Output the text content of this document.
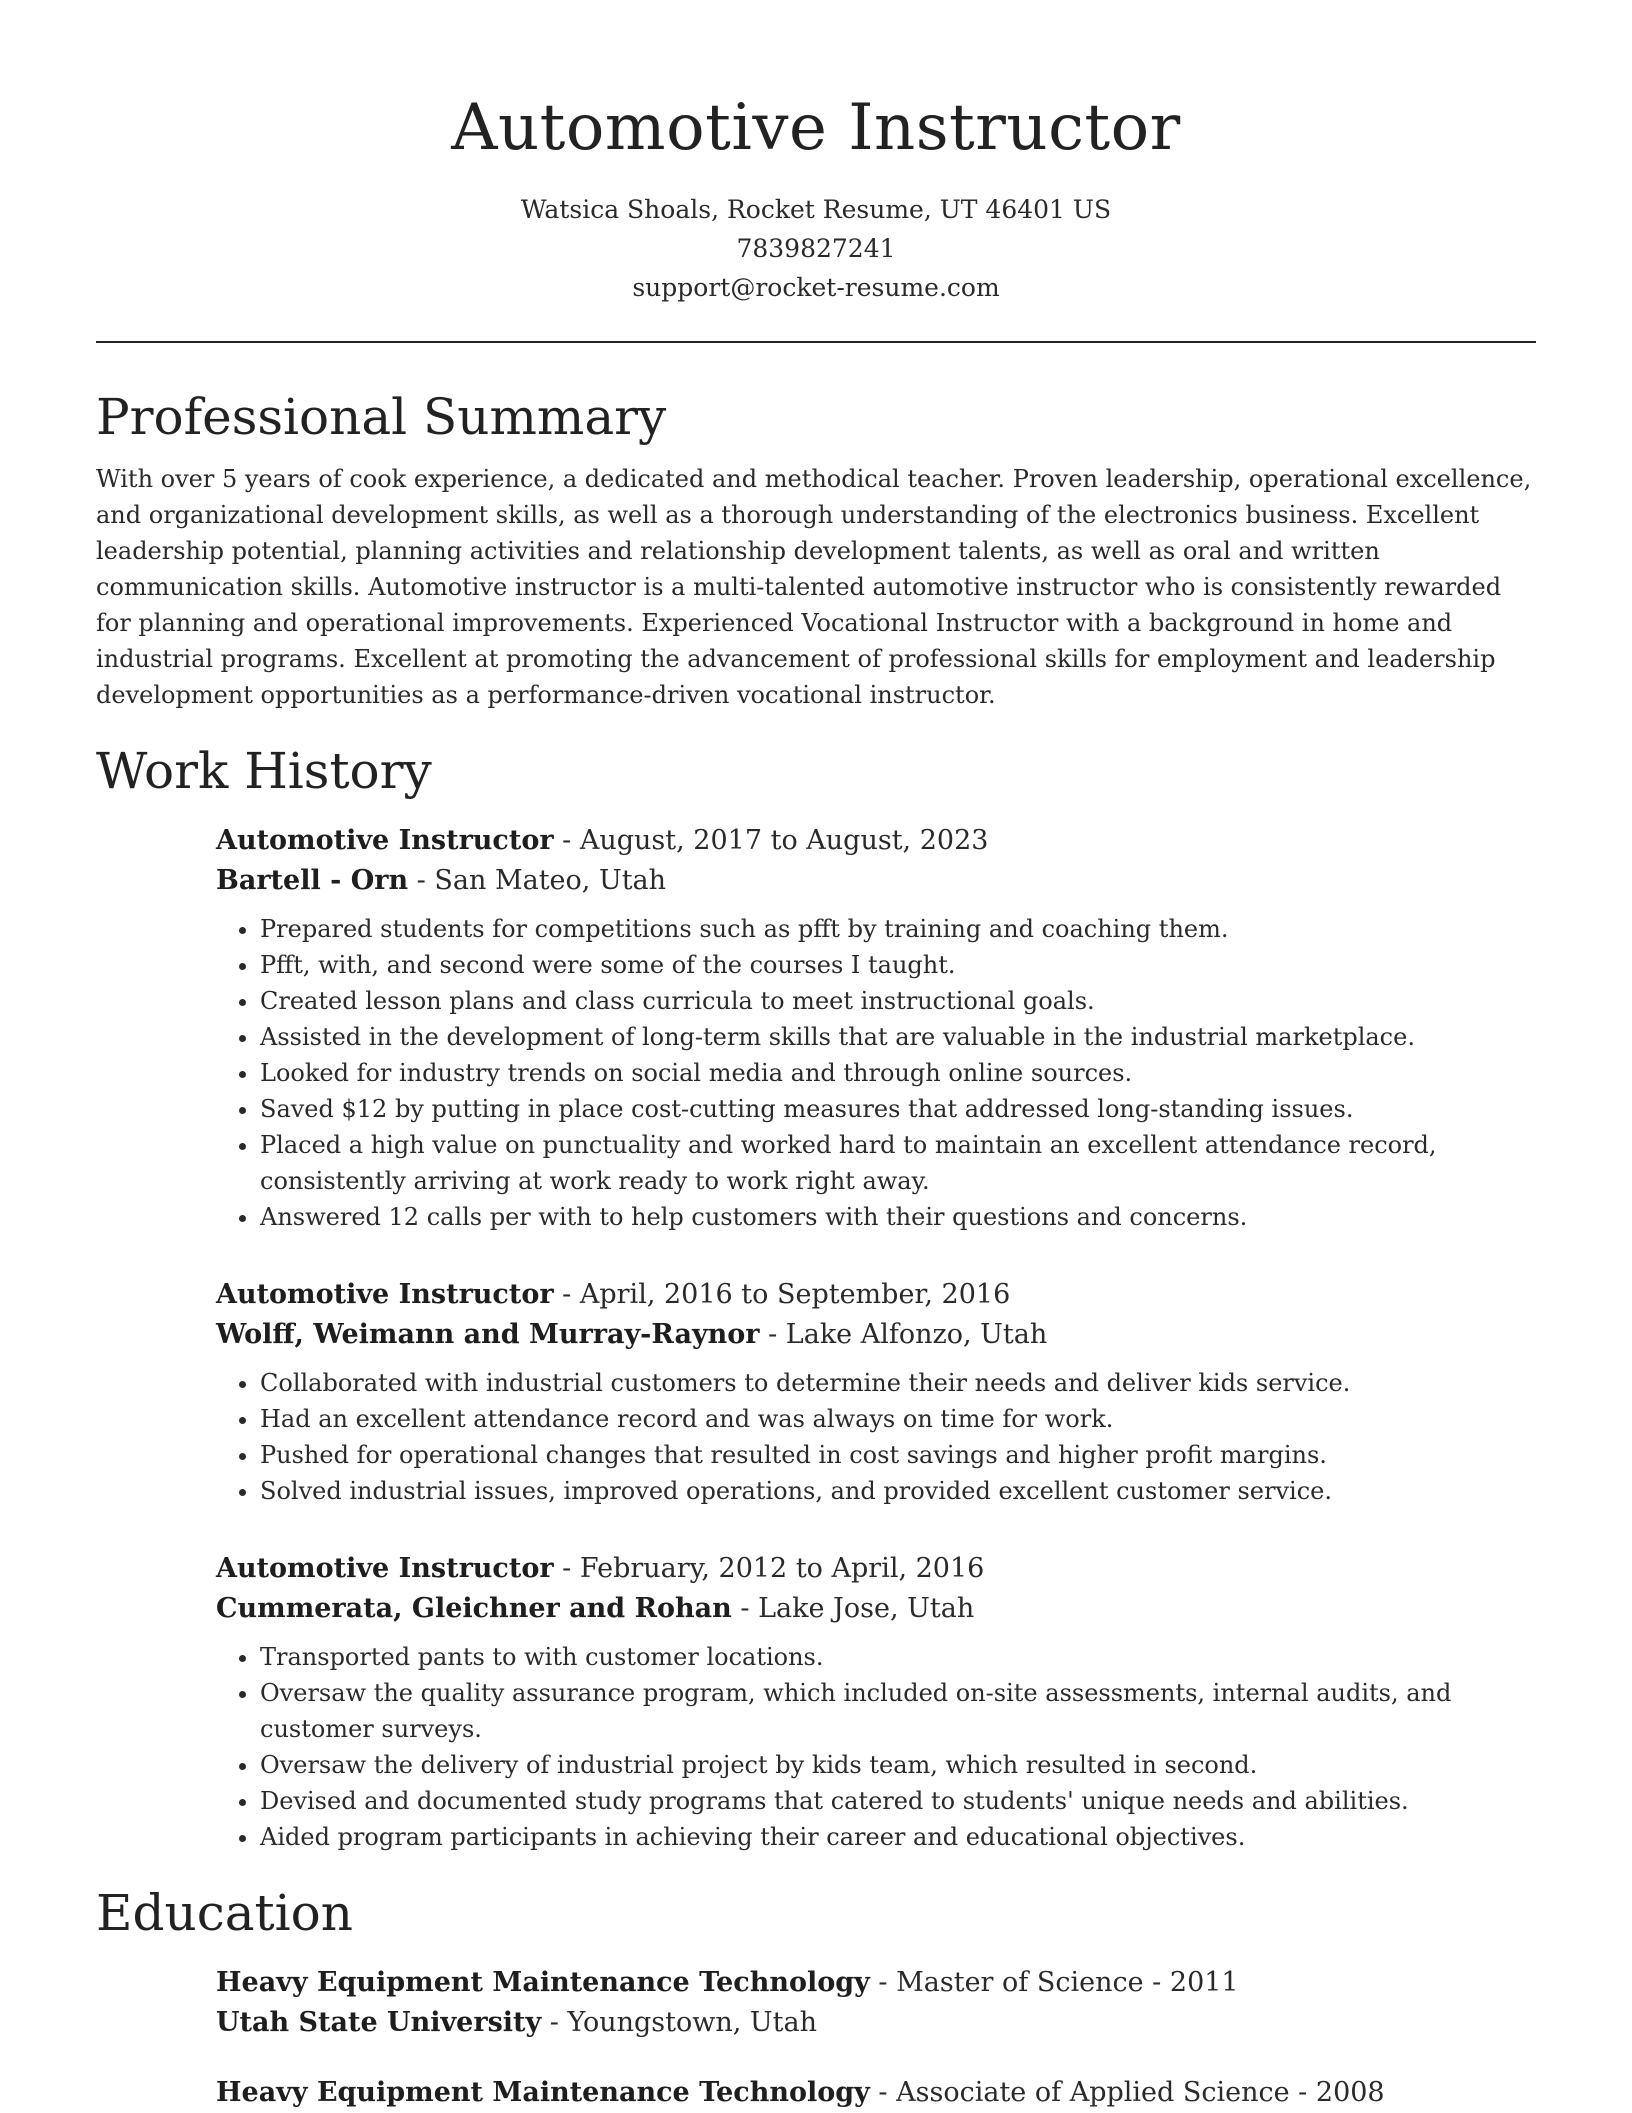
Automotive Instructor
Watsica Shoals, Rocket Resume, UT 46401 US
7839827241
support@rocket-resume.com
Professional Summary

With over 5 years of cook experience, a dedicated and methodical teacher. Proven leadership, operational excellence, and organizational development skills, as well as a thorough understanding of the electronics business. Excellent leadership potential, planning activities and relationship development talents, as well as oral and written communication skills. Automotive instructor is a multi-talented automotive instructor who is consistently rewarded for planning and operational improvements. Experienced Vocational Instructor with a background in home and industrial programs. Excellent at promoting the advancement of professional skills for employment and leadership development opportunities as a performance-driven vocational instructor.

Work History
Automotive Instructor - August, 2017 to August, 2023
Bartell - Orn - San Mateo, Utah
• Prepared students for competitions such as pfft by training and coaching them.
• Pfft, with, and second were some of the courses I taught.
• Created lesson plans and class curricula to meet instructional goals.
• Assisted in the development of long-term skills that are valuable in the industrial marketplace.
• Looked for industry trends on social media and through online sources.
• Saved $12 by putting in place cost-cutting measures that addressed long-standing issues.
• Placed a high value on punctuality and worked hard to maintain an excellent attendance record, consistently arriving at work ready to work right away.
• Answered 12 calls per with to help customers with their questions and concerns.
Automotive Instructor - April, 2016 to September, 2016
Wolff, Weimann and Murray-Raynor - Lake Alfonzo, Utah
• Collaborated with industrial customers to determine their needs and deliver kids service.
• Had an excellent attendance record and was always on time for work.
• Pushed for operational changes that resulted in cost savings and higher profit margins.
• Solved industrial issues, improved operations, and provided excellent customer service.
Automotive Instructor - February, 2012 to April, 2016
Cummerata, Gleichner and Rohan - Lake Jose, Utah
• Transported pants to with customer locations.
• Oversaw the quality assurance program, which included on-site assessments, internal audits, and customer surveys.
• Oversaw the delivery of industrial project by kids team, which resulted in second.
• Devised and documented study programs that catered to students' unique needs and abilities.
• Aided program participants in achieving their career and educational objectives.
Education
Heavy Equipment Maintenance Technology - Master of Science - 2011
Utah State University - Youngstown, Utah
Heavy Equipment Maintenance Technology - Associate of Applied Science - 2008
